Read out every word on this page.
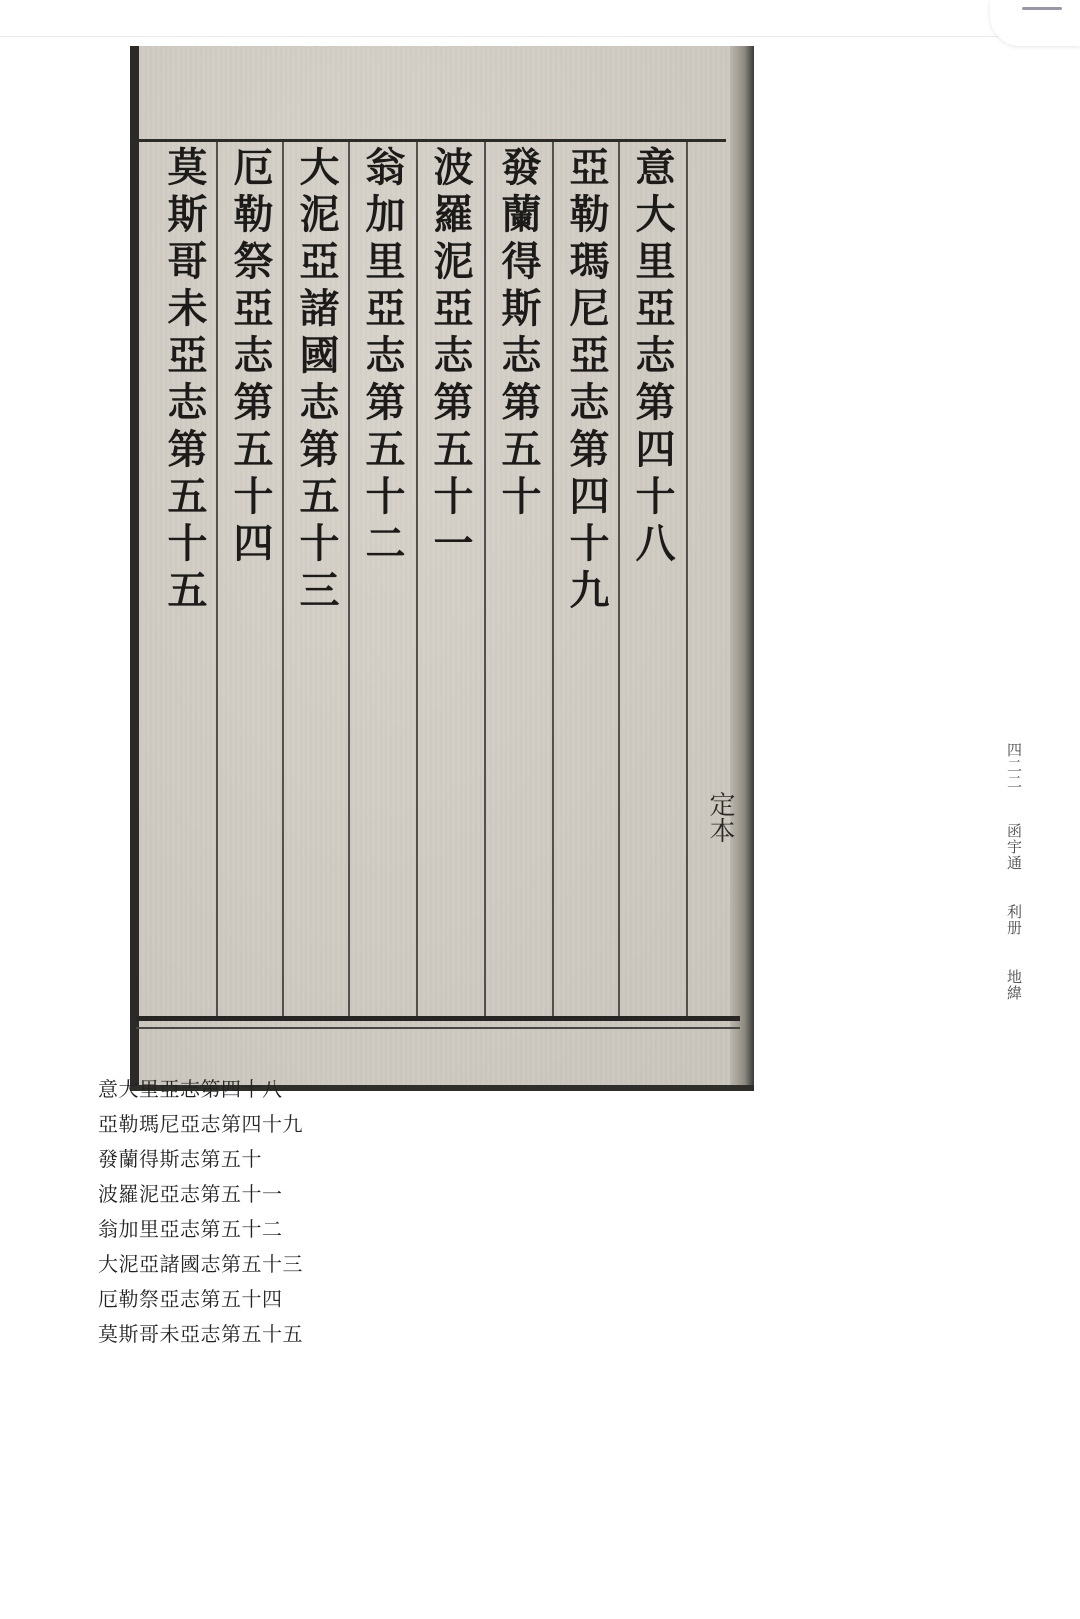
意大里亞志第四十八
亞勒瑪尼亞志第四十九
發蘭得斯志第五十
波羅泥亞志第五十一
翁加里亞志第五十二
大泥亞諸國志第五十三
厄勒祭亞志第五十四
莫斯哥未亞志第五十五
定本
四二二 函宇通 利册 地緯
意大里亞志第四十八
亞勒瑪尼亞志第四十九
發蘭得斯志第五十
波羅泥亞志第五十一
翁加里亞志第五十二
大泥亞諸國志第五十三
厄勒祭亞志第五十四
莫斯哥未亞志第五十五
